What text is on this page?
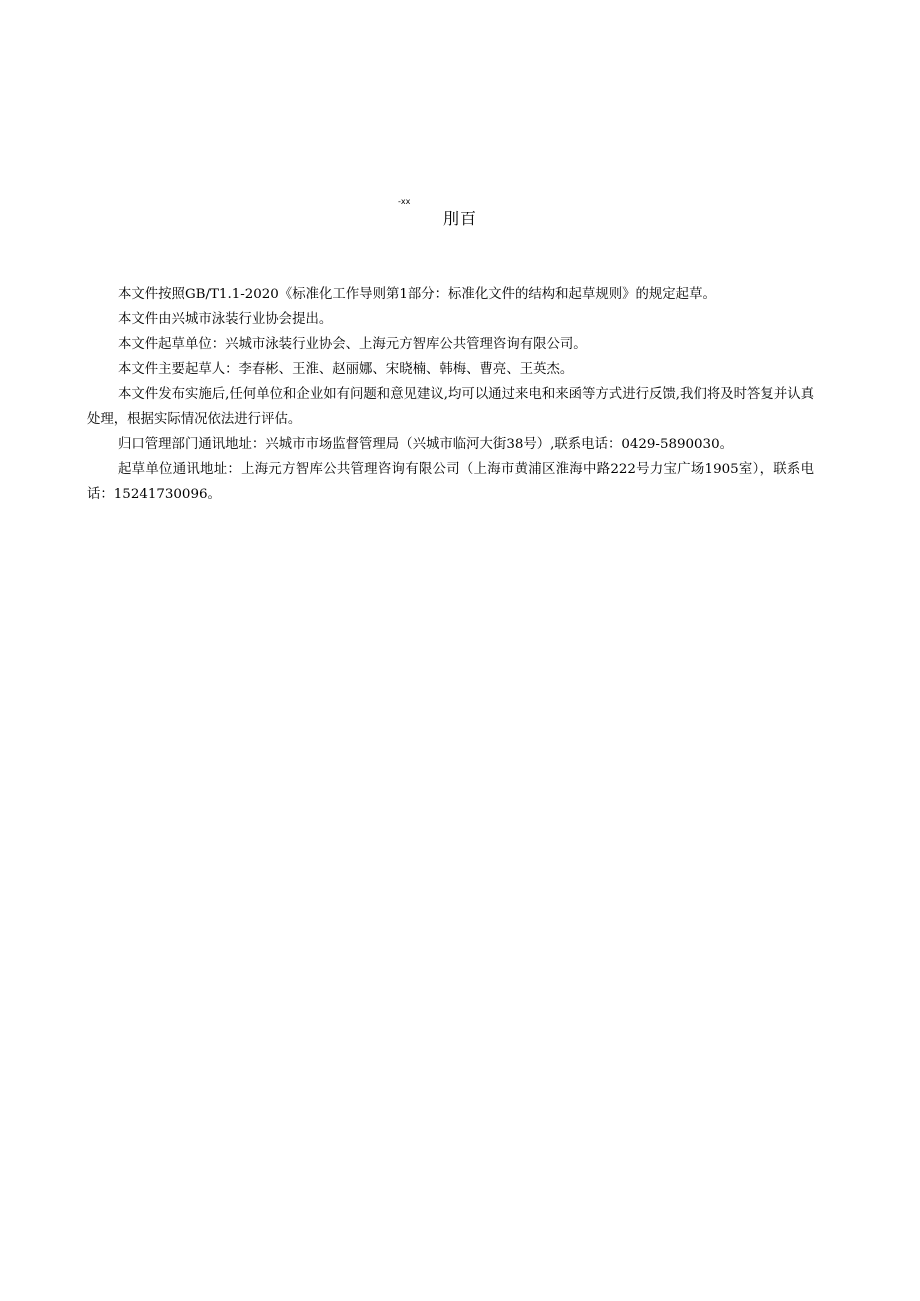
-xx
刖百

本文件按照GB/T1.1-2020《标准化工作导则第1部分：标准化文件的结构和起草规则》的规定起草。

本文件由兴城市泳装行业协会提出。

本文件起草单位：兴城市泳装行业协会、上海元方智库公共管理咨询有限公司。

本文件主要起草人：李春彬、王淮、赵丽娜、宋晓楠、韩梅、曹亮、王英杰。

本文件发布实施后,任何单位和企业如有问题和意见建议,均可以通过来电和来函等方式进行反馈,我们将及时答复并认真处理，根据实际情况依法进行评估。

归口管理部门通讯地址：兴城市市场监督管理局（兴城市临河大街38号）,联系电话：0429-5890030。

起草单位通讯地址：上海元方智库公共管理咨询有限公司（上海市黄浦区淮海中路222号力宝广场1905室），联系电话：15241730096。
